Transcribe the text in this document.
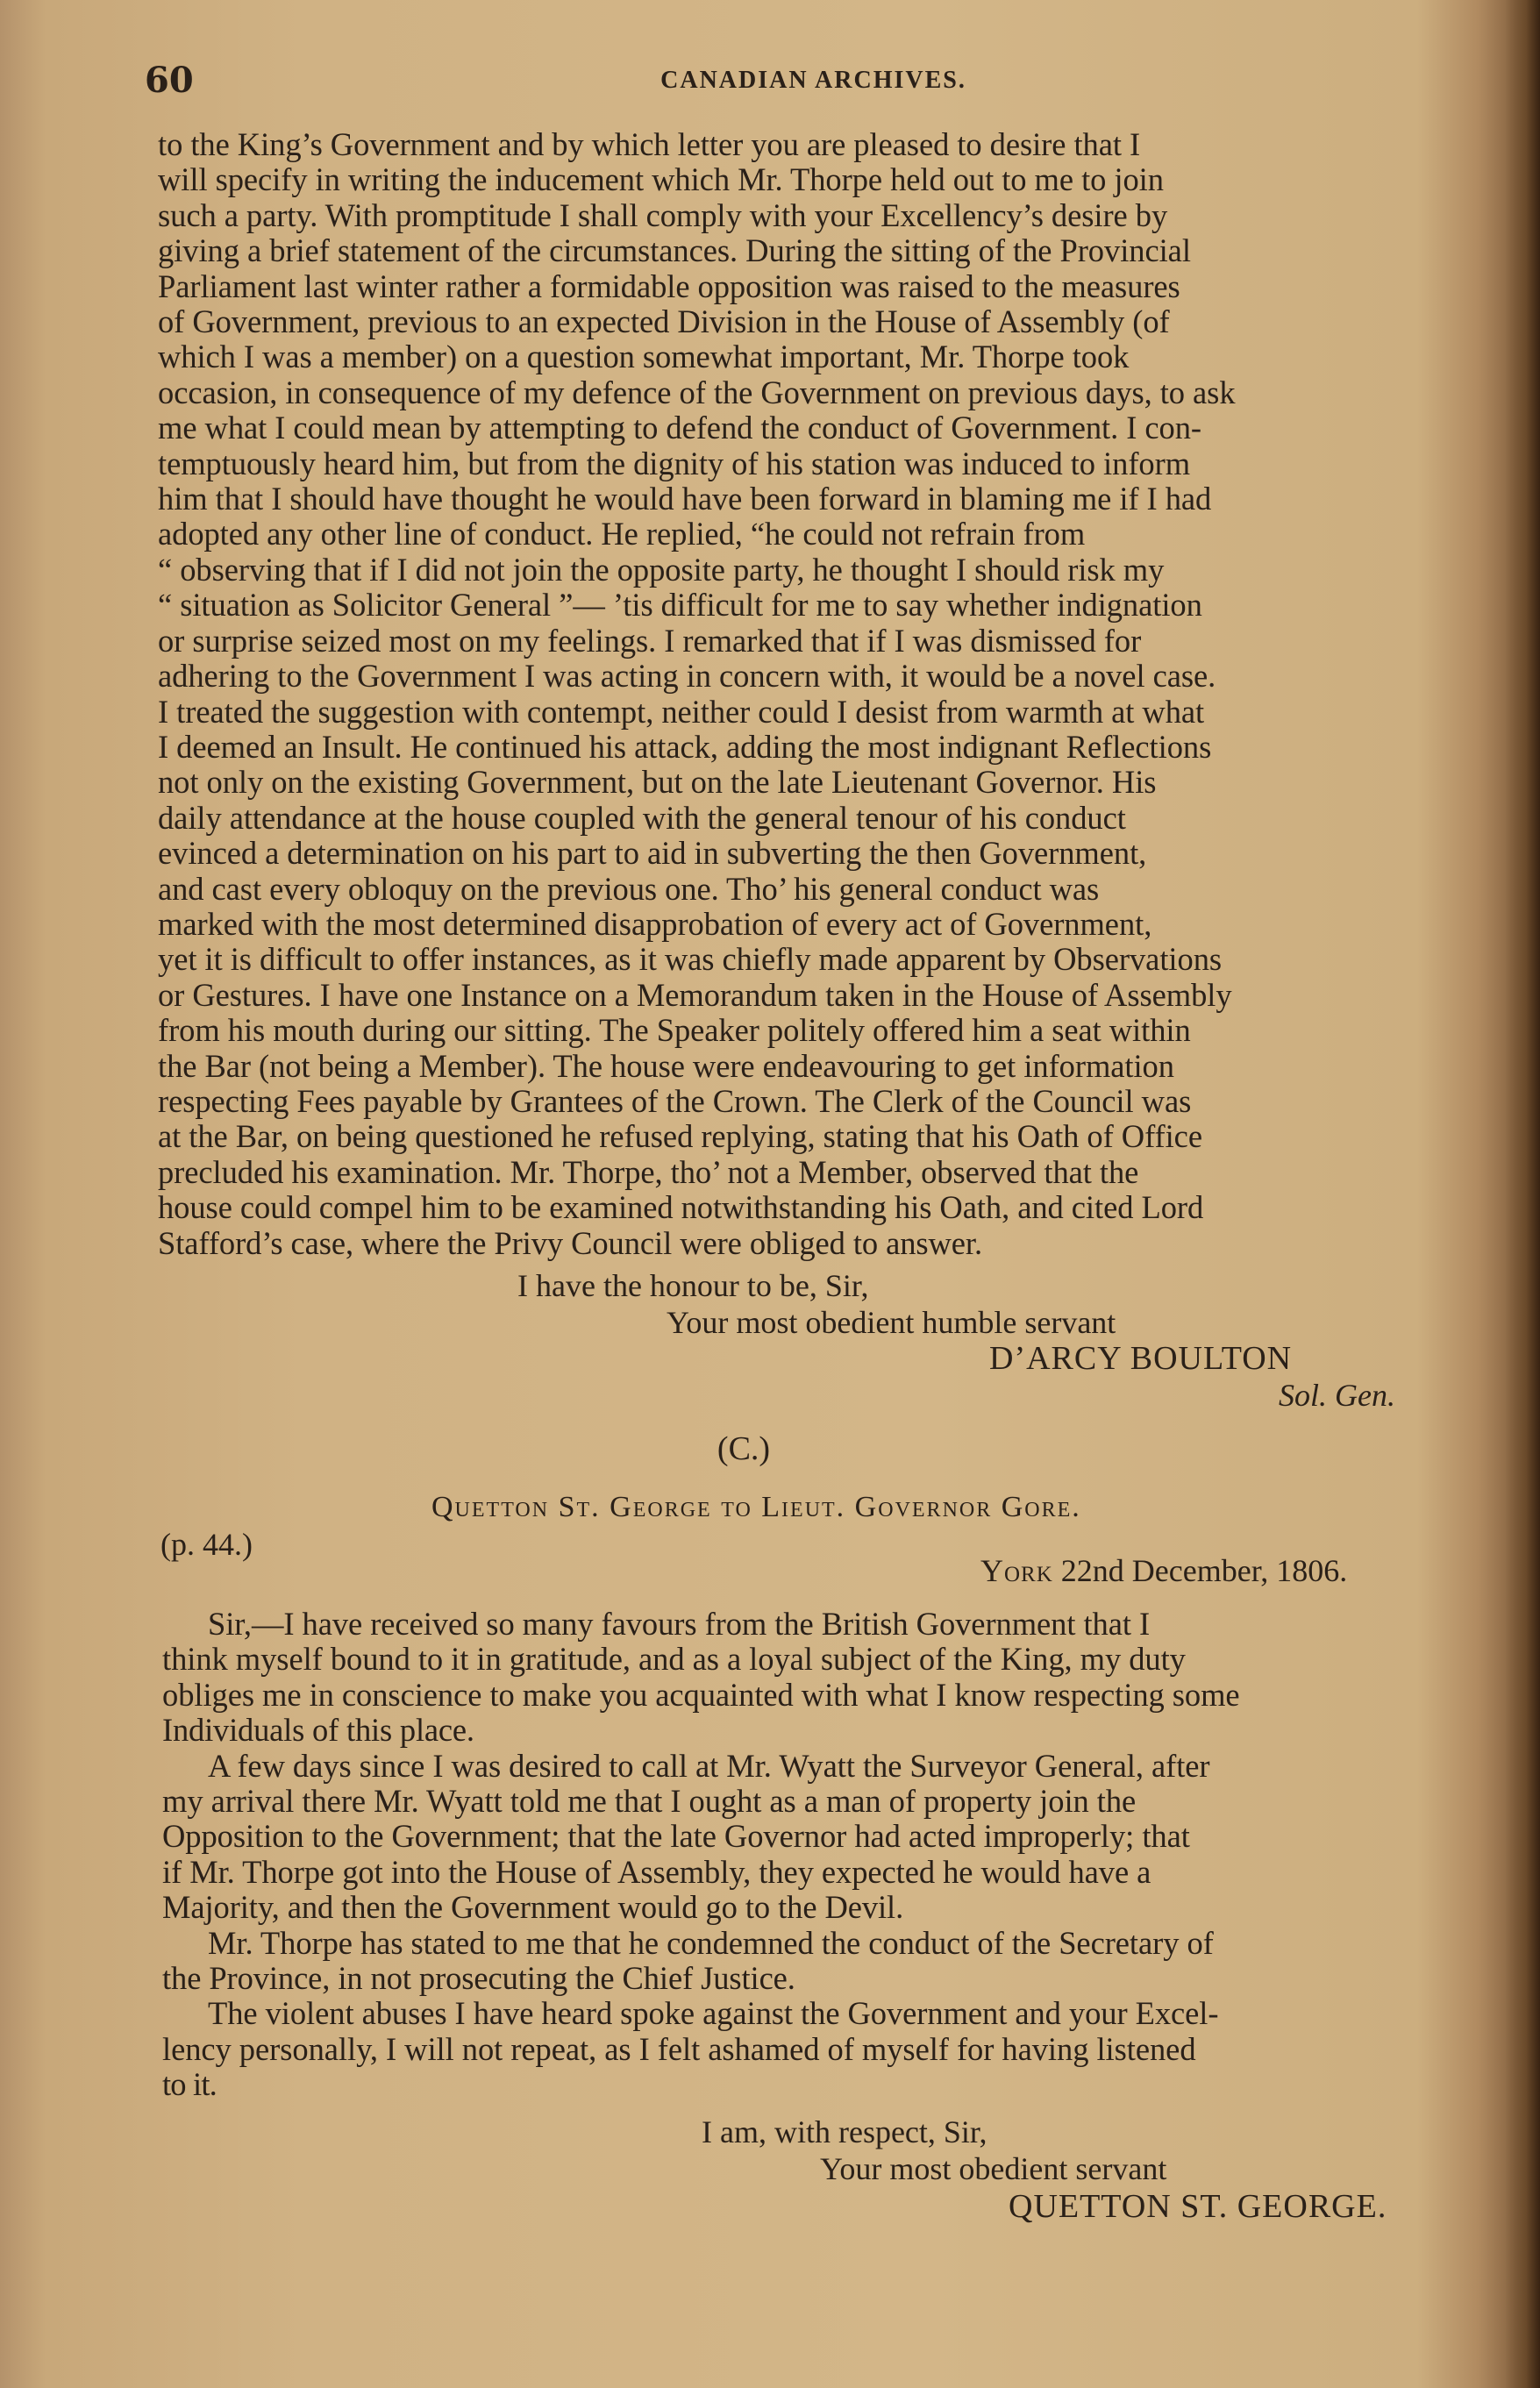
60	CANADIAN ARCHIVES.
to the King’s Government and by which letter you are pleased to desire that I
will specify in writing the inducement which Mr. Thorpe held out to me to join
such a party. With promptitude I shall comply with your Excellency’s desire by
giving a brief statement of the circumstances. During the sitting of the Provincial
Parliament last winter rather a formidable opposition was raised to the measures
of Government, previous to an expected Division in the House of Assembly (of
which I was a member) on a question somewhat important, Mr. Thorpe took
occasion, in consequence of my defence of the Government on previous days, to ask
me what I could mean by attempting to defend the conduct of Government. I con-
temptuously heard him, but from the dignity of his station was induced to inform
him that I should have thought he would have been forward in blaming me if I had
adopted any other line of conduct. He replied, “he could not refrain from
“ observing that if I did not join the opposite party, he thought I should risk my
“ situation as Solicitor General ”— ’tis difficult for me to say whether indignation
or surprise seized most on my feelings. I remarked that if I was dismissed for
adhering to the Government I was acting in concern with, it would be a novel case.
I treated the suggestion with contempt, neither could I desist from warmth at what
I deemed an Insult. He continued his attack, adding the most indignant Reflections
not only on the existing Government, but on the late Lieutenant Governor. His
daily attendance at the house coupled with the general tenour of his conduct
evinced a determination on his part to aid in subverting the then Government,
and cast every obloquy on the previous one. Tho’ his general conduct was
marked with the most determined disapprobation of every act of Government,
yet it is difficult to offer instances, as it was chiefly made apparent by Observations
or Gestures. I have one Instance on a Memorandum taken in the House of Assembly
from his mouth during our sitting. The Speaker politely offered him a seat within
the Bar (not being a Member). The house were endeavouring to get information
respecting Fees payable by Grantees of the Crown. The Clerk of the Council was
at the Bar, on being questioned he refused replying, stating that his Oath of Office
precluded his examination. Mr. Thorpe, tho’ not a Member, observed that the
house could compel him to be examined notwithstanding his Oath, and cited Lord
Stafford’s case, where the Privy Council were obliged to answer.
I have the honour to be, Sir,
Your most obedient humble servant
D’ARCY BOULTON
Sol. Gen.
(C.)
Quetton St. George to Lieut. Governor Gore.
(p. 44.)
York 22nd December, 1806.
Sir,—I have received so many favours from the British Government that I
think myself bound to it in gratitude, and as a loyal subject of the King, my duty
obliges me in conscience to make you acquainted with what I know respecting some
Individuals of this place.
A few days since I was desired to call at Mr. Wyatt the Surveyor General, after
my arrival there Mr. Wyatt told me that I ought as a man of property join the
Opposition to the Government; that the late Governor had acted improperly; that
if Mr. Thorpe got into the House of Assembly, they expected he would have a
Majority, and then the Government would go to the Devil.
Mr. Thorpe has stated to me that he condemned the conduct of the Secretary of
the Province, in not prosecuting the Chief Justice.
The violent abuses I have heard spoke against the Government and your Excel-
lency personally, I will not repeat, as I felt ashamed of myself for having listened
to it.
I am, with respect, Sir,
Your most obedient servant
QUETTON ST. GEORGE.
